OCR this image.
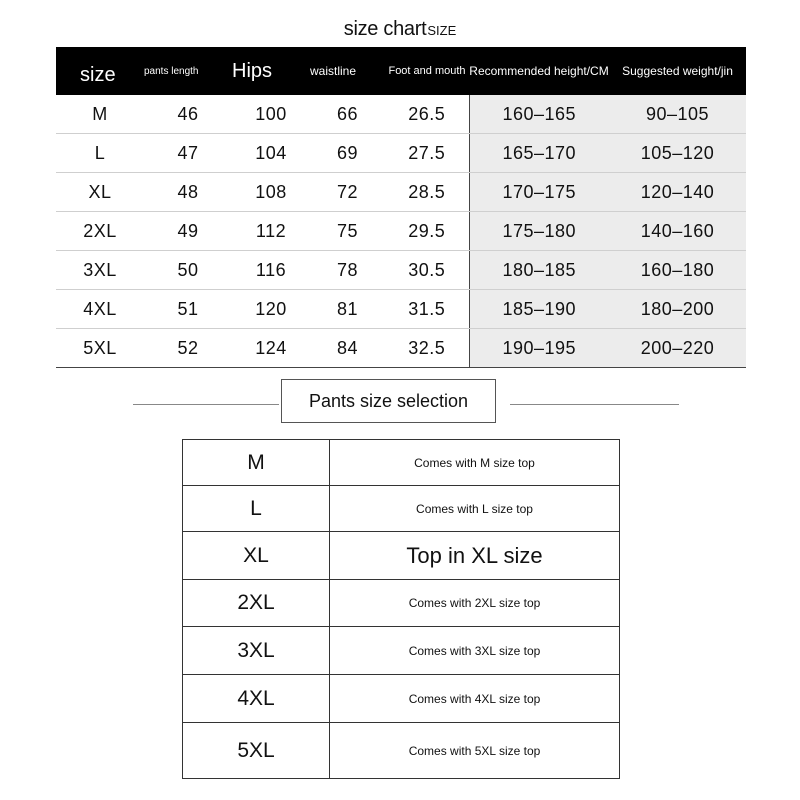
size chartSIZE
size	pants length	Hips	waistline	Foot and mouth	Recommended height/CM	Suggested weight/jin
M	46	100	66	26.5	160–165	90–105
L	47	104	69	27.5	165–170	105–120
XL	48	108	72	28.5	170–175	120–140
2XL	49	112	75	29.5	175–180	140–160
3XL	50	116	78	30.5	180–185	160–180
4XL	51	120	81	31.5	185–190	180–200
5XL	52	124	84	32.5	190–195	200–220
Pants size selection
M	Comes with M size top
L	Comes with L size top
XL	Top in XL size
2XL	Comes with 2XL size top
3XL	Comes with 3XL size top
4XL	Comes with 4XL size top
5XL	Comes with 5XL size top
